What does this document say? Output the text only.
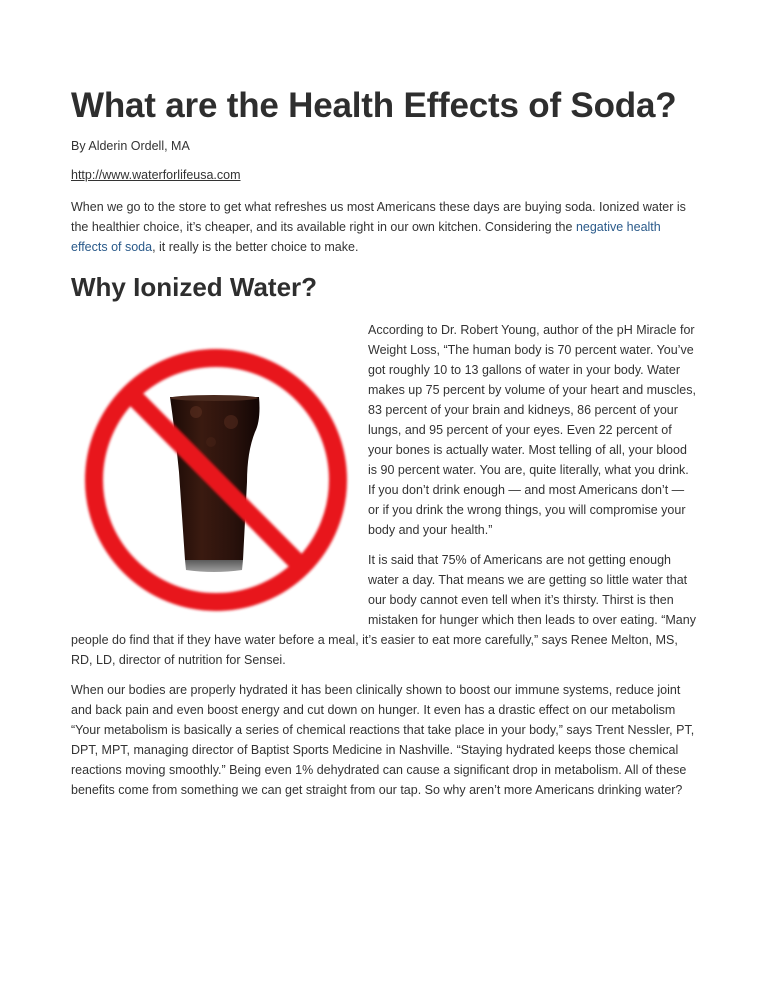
What are the Health Effects of Soda?

By Alderin Ordell, MA

http://www.waterforlifeusa.com

When we go to the store to get what refreshes us most Americans these days are buying soda. Ionized water is the healthier choice, it’s cheaper, and its available right in our own kitchen. Considering the negative health effects of soda, it really is the better choice to make.

Why Ionized Water?

According to Dr. Robert Young, author of the pH Miracle for Weight Loss, “The human body is 70 percent water. You’ve got roughly 10 to 13 gallons of water in your body. Water makes up 75 percent by volume of your heart and muscles, 83 percent of your brain and kidneys, 86 percent of your lungs, and 95 percent of your eyes. Even 22 percent of your bones is actually water. Most telling of all, your blood is 90 percent water. You are, quite literally, what you drink. If you don’t drink enough — and most Americans don’t — or if you drink the wrong things, you will compromise your body and your health.”

It is said that 75% of Americans are not getting enough water a day. That means we are getting so little water that our body cannot even tell when it’s thirsty. Thirst is then mistaken for hunger which then leads to over eating. “Many people do find that if they have water before a meal, it’s easier to eat more carefully,” says Renee Melton, MS, RD, LD, director of nutrition for Sensei.

When our bodies are properly hydrated it has been clinically shown to boost our immune systems, reduce joint and back pain and even boost energy and cut down on hunger. It even has a drastic effect on our metabolism “Your metabolism is basically a series of chemical reactions that take place in your body,” says Trent Nessler, PT, DPT, MPT, managing director of Baptist Sports Medicine in Nashville. “Staying hydrated keeps those chemical reactions moving smoothly.” Being even 1% dehydrated can cause a significant drop in metabolism. All of these benefits come from something we can get straight from our tap. So why aren’t more Americans drinking water?
